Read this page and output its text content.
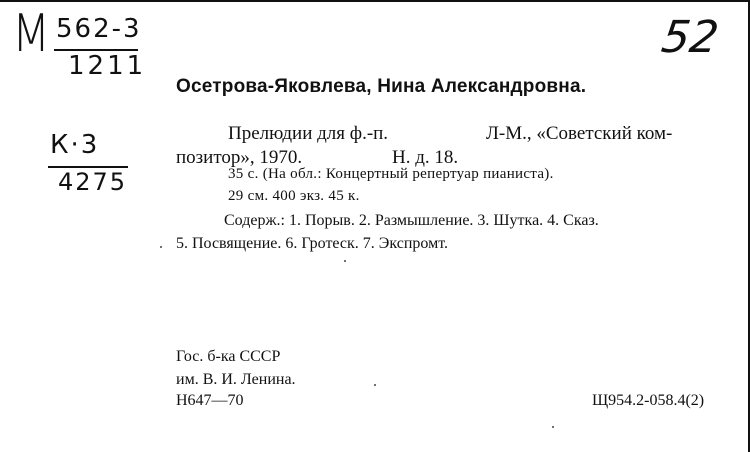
М 562-3
1211
К·3
4275
52
Осетрова-Яковлева, Нина Александровна.
Прелюдии для ф.-п.	Л-М., «Советский ком-
позитор», 1970.	Н. д. 18.
35 с. (На обл.: Концертный репертуар пианиста).
29 см. 400 экз. 45 к.
Содерж.: 1. Порыв. 2. Размышление. 3. Шутка. 4. Сказ.
5. Посвящение. 6. Гротеск. 7. Экспромт.
Гос. б-ка СССР
им. В. И. Ленина.
Н647—70	Щ954.2-058.4(2)
